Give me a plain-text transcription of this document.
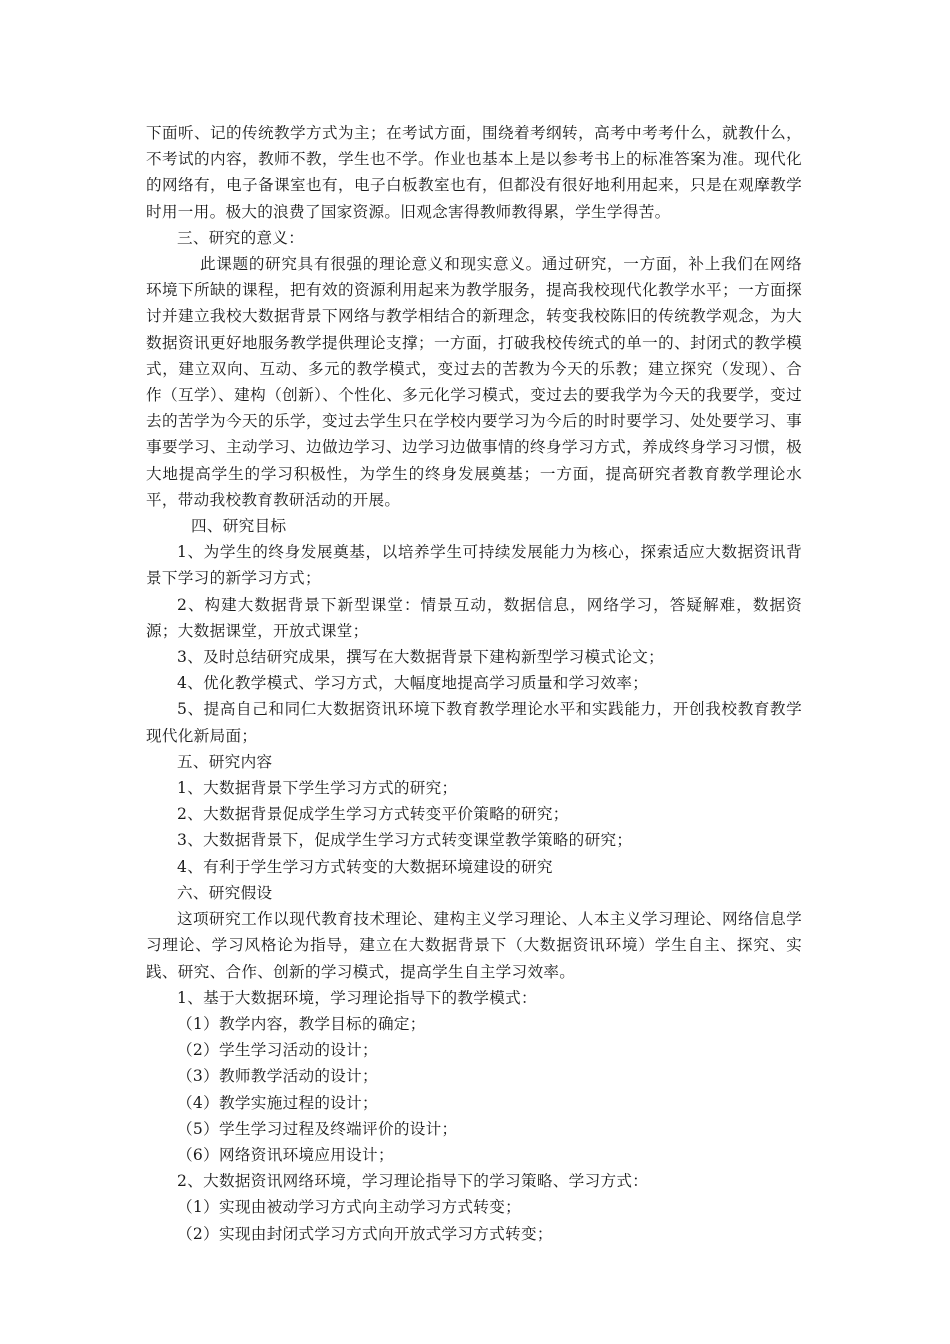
下面听、记的传统教学方式为主；在考试方面，围绕着考纲转，高考中考考什么，就教什么，不考试的内容，教师不教，学生也不学。作业也基本上是以参考书上的标准答案为准。现代化的网络有，电子备课室也有，电子白板教室也有，但都没有很好地利用起来，只是在观摩教学时用一用。极大的浪费了国家资源。旧观念害得教师教得累，学生学得苦。

三、研究的意义：

此课题的研究具有很强的理论意义和现实意义。通过研究，一方面，补上我们在网络环境下所缺的课程，把有效的资源利用起来为教学服务，提高我校现代化教学水平；一方面探讨并建立我校大数据背景下网络与教学相结合的新理念，转变我校陈旧的传统教学观念，为大数据资讯更好地服务教学提供理论支撑；一方面，打破我校传统式的单一的、封闭式的教学模式，建立双向、互动、多元的教学模式，变过去的苦教为今天的乐教；建立探究（发现）、合作（互学）、建构（创新）、个性化、多元化学习模式，变过去的要我学为今天的我要学，变过去的苦学为今天的乐学，变过去学生只在学校内要学习为今后的时时要学习、处处要学习、事事要学习、主动学习、边做边学习、边学习边做事情的终身学习方式，养成终身学习习惯，极大地提高学生的学习积极性，为学生的终身发展奠基；一方面，提高研究者教育教学理论水平，带动我校教育教研活动的开展。

四、研究目标

1、为学生的终身发展奠基，以培养学生可持续发展能力为核心，探索适应大数据资讯背景下学习的新学习方式；

2、构建大数据背景下新型课堂：情景互动，数据信息，网络学习，答疑解难，数据资源；大数据课堂，开放式课堂；

3、及时总结研究成果，撰写在大数据背景下建构新型学习模式论文；

4、优化教学模式、学习方式，大幅度地提高学习质量和学习效率；

5、提高自己和同仁大数据资讯环境下教育教学理论水平和实践能力，开创我校教育教学现代化新局面；

五、研究内容

1、大数据背景下学生学习方式的研究；

2、大数据背景促成学生学习方式转变平价策略的研究；

3、大数据背景下，促成学生学习方式转变课堂教学策略的研究；

4、有利于学生学习方式转变的大数据环境建设的研究

六、研究假设

这项研究工作以现代教育技术理论、建构主义学习理论、人本主义学习理论、网络信息学习理论、学习风格论为指导，建立在大数据背景下（大数据资讯环境）学生自主、探究、实践、研究、合作、创新的学习模式，提高学生自主学习效率。

1、基于大数据环境，学习理论指导下的教学模式：

（1）教学内容，教学目标的确定；

（2）学生学习活动的设计；

（3）教师教学活动的设计；

（4）教学实施过程的设计；

（5）学生学习过程及终端评价的设计；

（6）网络资讯环境应用设计；

2、大数据资讯网络环境，学习理论指导下的学习策略、学习方式：

（1）实现由被动学习方式向主动学习方式转变；

（2）实现由封闭式学习方式向开放式学习方式转变；
